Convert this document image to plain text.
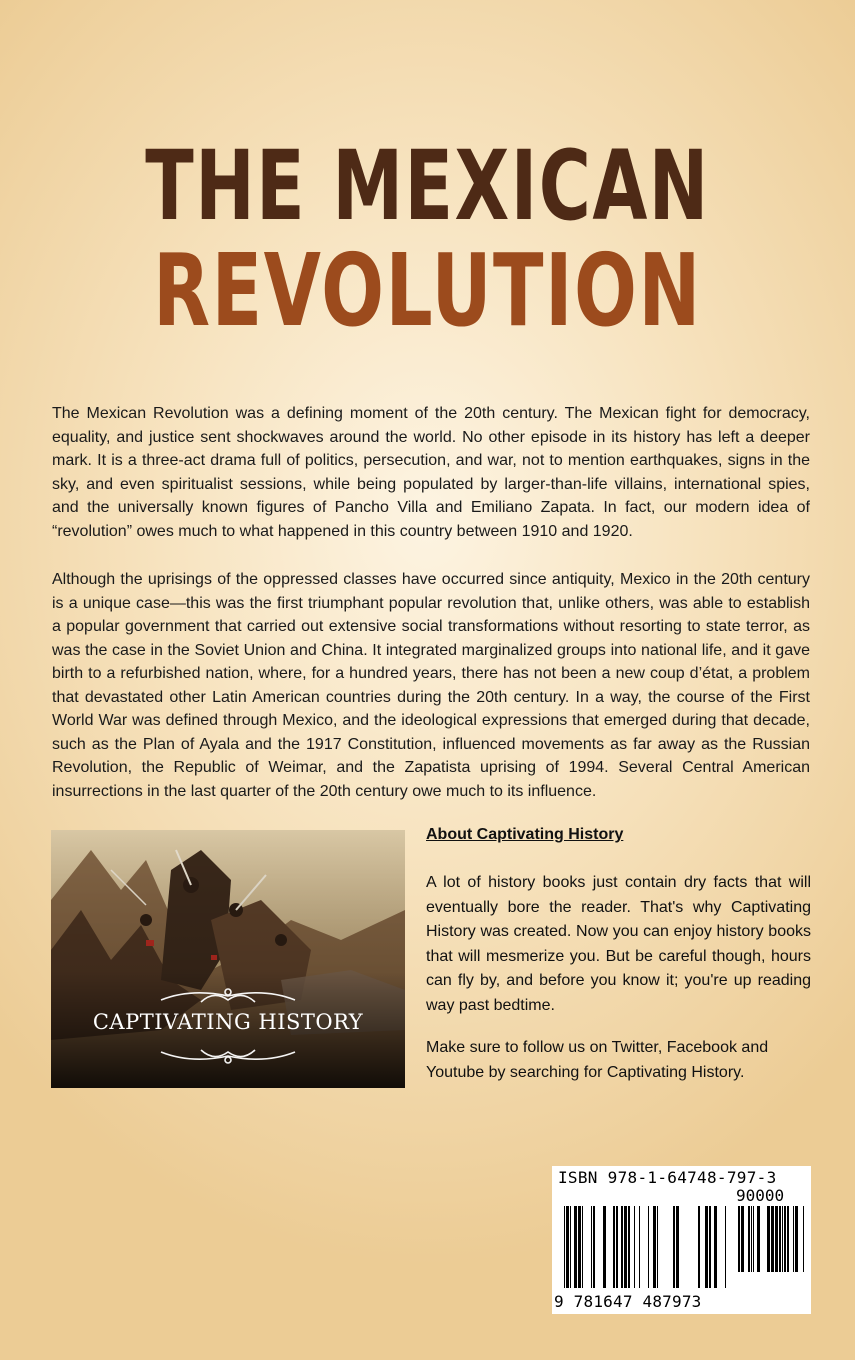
THE MEXICAN
REVOLUTION

The Mexican Revolution was a defining moment of the 20th century. The Mexican fight for democracy, equality, and justice sent shockwaves around the world. No other episode in its history has left a deeper mark. It is a three-act drama full of politics, persecution, and war, not to mention earthquakes, signs in the sky, and even spiritualist sessions, while being populated by larger-than-life villains, international spies, and the universally known figures of Pancho Villa and Emiliano Zapata. In fact, our modern idea of “revolution” owes much to what happened in this country between 1910 and 1920.

Although the uprisings of the oppressed classes have occurred since antiquity, Mexico in the 20th century is a unique case—this was the first triumphant popular revolution that, unlike others, was able to establish a popular government that carried out extensive social transformations without resorting to state terror, as was the case in the Soviet Union and China. It integrated marginalized groups into national life, and it gave birth to a refurbished nation, where, for a hundred years, there has not been a new coup d’état, a problem that devastated other Latin American countries during the 20th century. In a way, the course of the First World War was defined through Mexico, and the ideological expressions that emerged during that decade, such as the Plan of Ayala and the 1917 Constitution, influenced movements as far away as the Russian Revolution, the Republic of Weimar, and the Zapatista uprising of 1994. Several Central American insurrections in the last quarter of the 20th century owe much to its influence.

CAPTIVATING HISTORY

About Captivating History

A lot of history books just contain dry facts that will eventually bore the reader. That's why Captivating History was created. Now you can enjoy history books that will mesmerize you. But be careful though, hours can fly by, and before you know it; you're up reading way past bedtime.

Make sure to follow us on Twitter, Facebook and Youtube by searching for Captivating History.

ISBN 978-1-64748-797-3

90000

9 781647 487973
